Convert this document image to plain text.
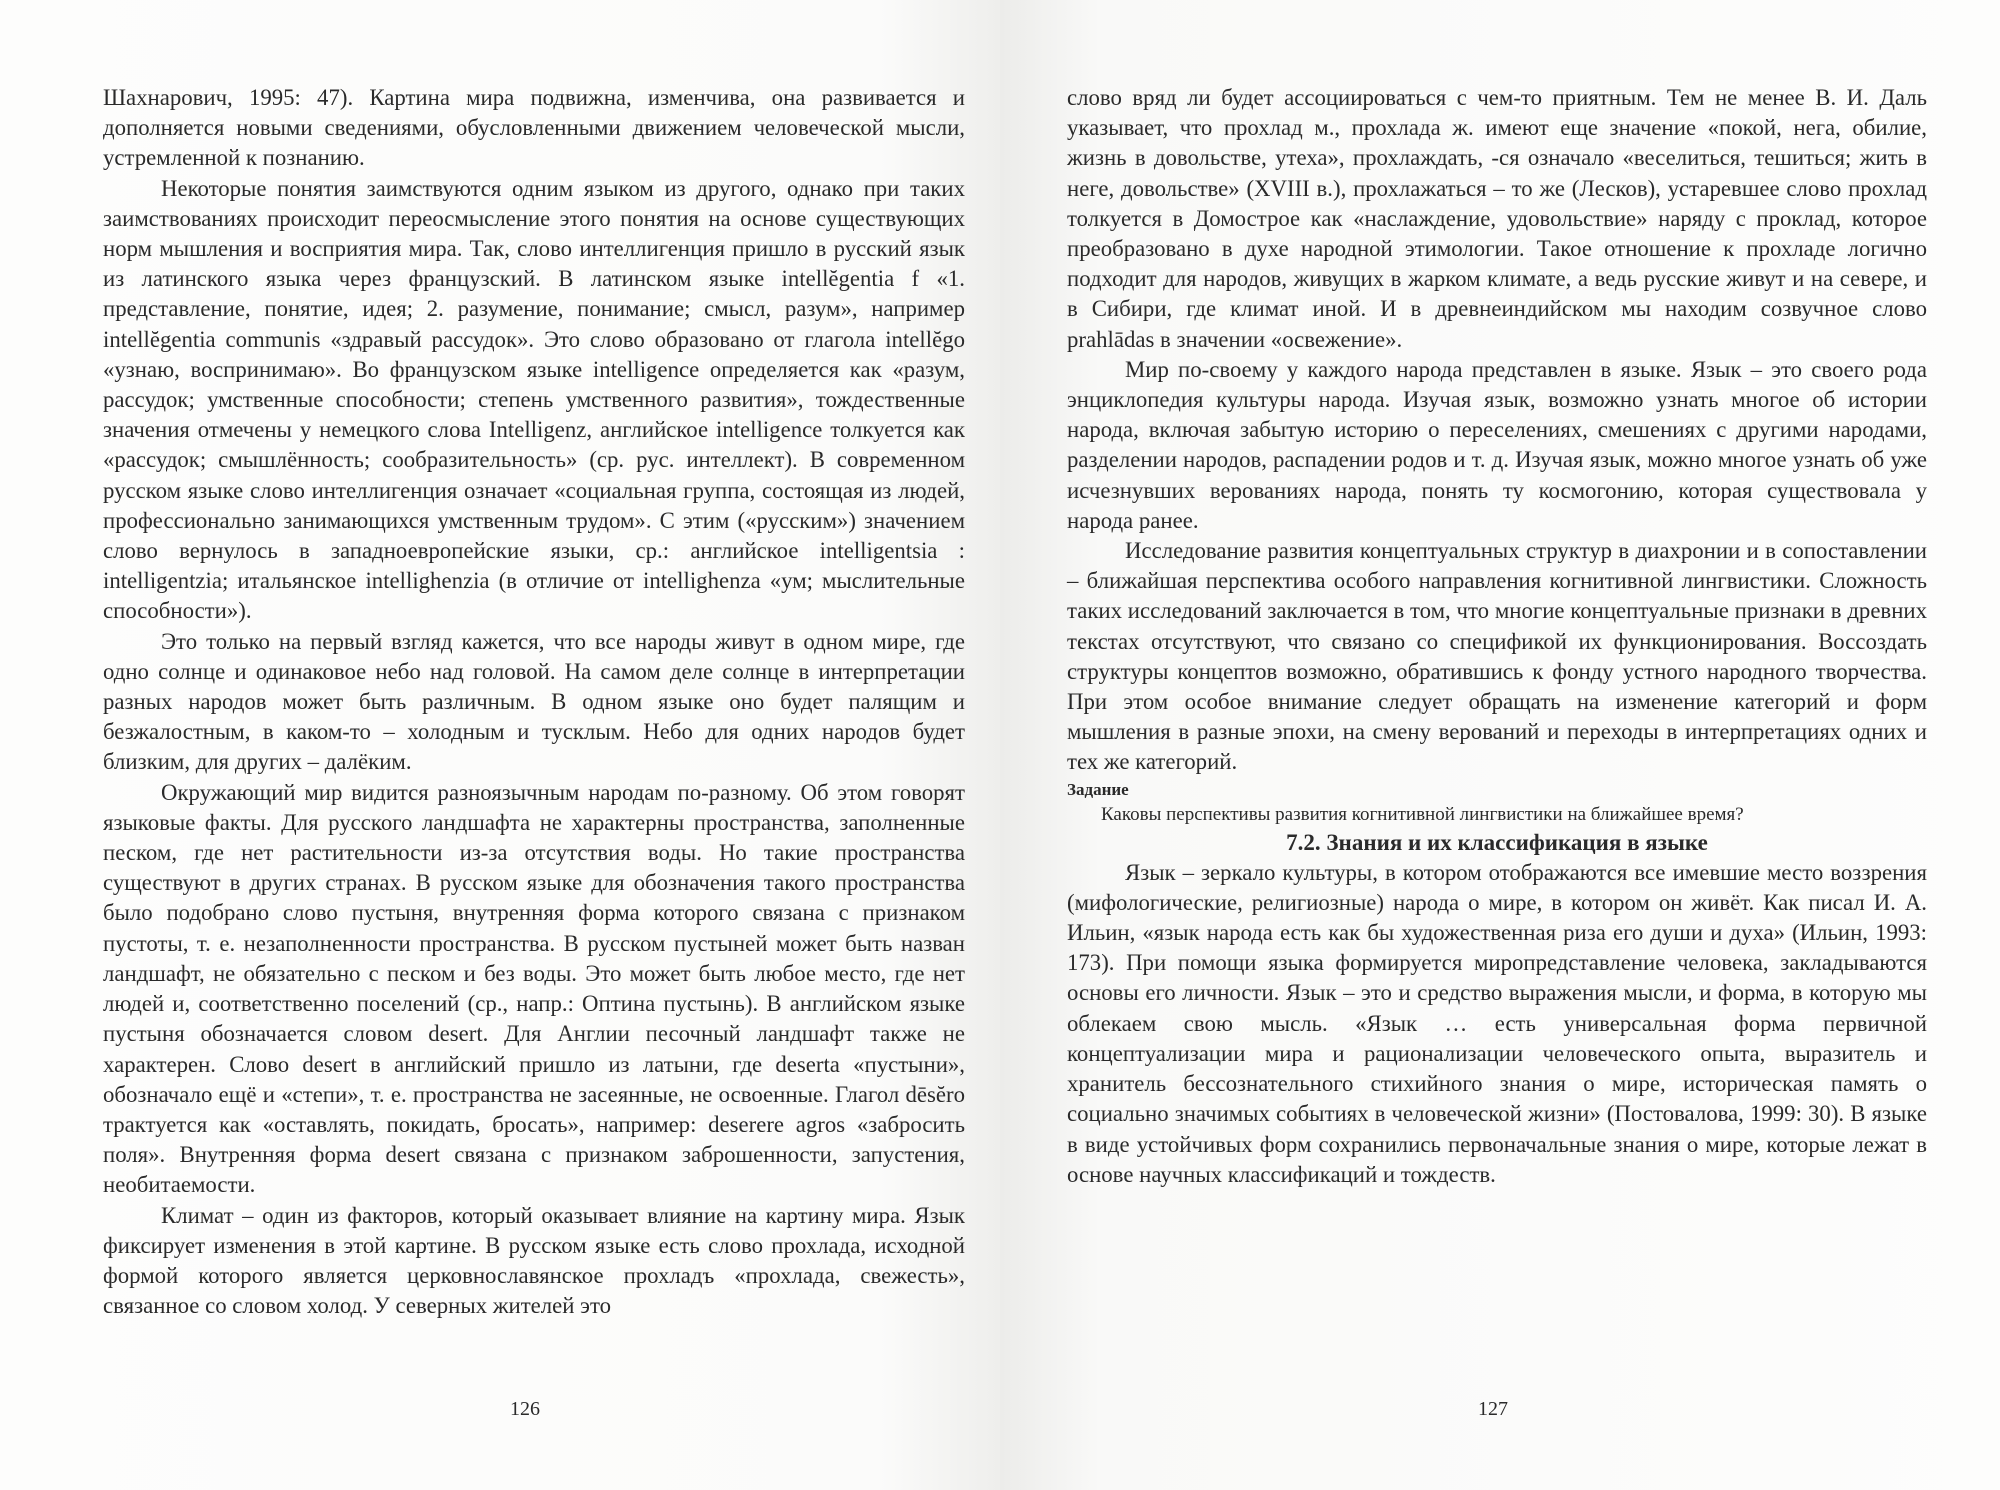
Шахнарович, 1995: 47). Картина мира подвижна, изменчива, она развивается и дополняется новыми сведениями, обусловленными движением человеческой мысли, устремленной к познанию.

Некоторые понятия заимствуются одним языком из другого, однако при таких заимствованиях происходит переосмысление этого понятия на основе существующих норм мышления и восприятия мира. Так, слово интеллигенция пришло в русский язык из латинского языка через французский. В латинском языке intellĕgentia f «1. представление, понятие, идея; 2. разумение, понимание; смысл, разум», например intellĕgentia communis «здравый рассудок». Это слово образовано от глагола intellĕgo «узнаю, воспринимаю». Во французском языке intelligence определяется как «разум, рассудок; умственные способности; степень умственного развития», тождественные значения отмечены у немецкого слова Intelligenz, английское intelligence толкуется как «рассудок; смышлённость; сообразительность» (ср. рус. интеллект). В современном русском языке слово интеллигенция означает «социальная группа, состоящая из людей, профессионально занимающихся умственным трудом». С этим («русским») значением слово вернулось в западноевропейские языки, ср.: английское intelligentsia : intelligentzia; итальянское intellighenzia (в отличие от intellighenza «ум; мыслительные способности»).

Это только на первый взгляд кажется, что все народы живут в одном мире, где одно солнце и одинаковое небо над головой. На самом деле солнце в интерпретации разных народов может быть различным. В одном языке оно будет палящим и безжалостным, в каком-то – холодным и тусклым. Небо для одних народов будет близким, для других – далёким.

Окружающий мир видится разноязычным народам по-разному. Об этом говорят языковые факты. Для русского ландшафта не характерны пространства, заполненные песком, где нет растительности из-за отсутствия воды. Но такие пространства существуют в других странах. В русском языке для обозначения такого пространства было подобрано слово пустыня, внутренняя форма которого связана с признаком пустоты, т. е. незаполненности пространства. В русском пустыней может быть назван ландшафт, не обязательно с песком и без воды. Это может быть любое место, где нет людей и, соответственно поселений (ср., напр.: Оптина пустынь). В английском языке пустыня обозначается словом desert. Для Англии песочный ландшафт также не характерен. Слово desert в английский пришло из латыни, где deserta «пустыни», обозначало ещё и «степи», т. е. пространства не засеянные, не освоенные. Глагол dēsĕro трактуется как «оставлять, покидать, бросать», например: deserere agros «забросить поля». Внутренняя форма desert связана с признаком заброшенности, запустения, необитаемости.

Климат – один из факторов, который оказывает влияние на картину мира. Язык фиксирует изменения в этой картине. В русском языке есть слово прохлада, исходной формой которого является церковнославянское прохладъ «прохлада, свежесть», связанное со словом холод. У северных жителей это

126

слово вряд ли будет ассоциироваться с чем-то приятным. Тем не менее В. И. Даль указывает, что прохлад м., прохлада ж. имеют еще значение «покой, нега, обилие, жизнь в довольстве, утеха», прохлаждать, -ся означало «веселиться, тешиться; жить в неге, довольстве» (XVIII в.), прохлажаться – то же (Лесков), устаревшее слово прохлад толкуется в Домострое как «наслаждение, удовольствие» наряду с проклад, которое преобразовано в духе народной этимологии. Такое отношение к прохладе логично подходит для народов, живущих в жарком климате, а ведь русские живут и на севере, и в Сибири, где климат иной. И в древнеиндийском мы находим созвучное слово prahlādas в значении «освежение».

Мир по-своему у каждого народа представлен в языке. Язык – это своего рода энциклопедия культуры народа. Изучая язык, возможно узнать многое об истории народа, включая забытую историю о переселениях, смешениях с другими народами, разделении народов, распадении родов и т. д. Изучая язык, можно многое узнать об уже исчезнувших верованиях народа, понять ту космогонию, которая существовала у народа ранее.

Исследование развития концептуальных структур в диахронии и в сопоставлении – ближайшая перспектива особого направления когнитивной лингвистики. Сложность таких исследований заключается в том, что многие концептуальные признаки в древних текстах отсутствуют, что связано со спецификой их функционирования. Воссоздать структуры концептов возможно, обратившись к фонду устного народного творчества. При этом особое внимание следует обращать на изменение категорий и форм мышления в разные эпохи, на смену верований и переходы в интерпретациях одних и тех же категорий.

Задание

Каковы перспективы развития когнитивной лингвистики на ближайшее время?

7.2. Знания и их классификация в языке

Язык – зеркало культуры, в котором отображаются все имевшие место воззрения (мифологические, религиозные) народа о мире, в котором он живёт. Как писал И. А. Ильин, «язык народа есть как бы художественная риза его души и духа» (Ильин, 1993: 173). При помощи языка формируется миропредставление человека, закладываются основы его личности. Язык – это и средство выражения мысли, и форма, в которую мы облекаем свою мысль. «Язык … есть универсальная форма первичной концептуализации мира и рационализации человеческого опыта, выразитель и хранитель бессознательного стихийного знания о мире, историческая память о социально значимых событиях в человеческой жизни» (Постовалова, 1999: 30). В языке в виде устойчивых форм сохранились первоначальные знания о мире, которые лежат в основе научных классификаций и тождеств.

127
